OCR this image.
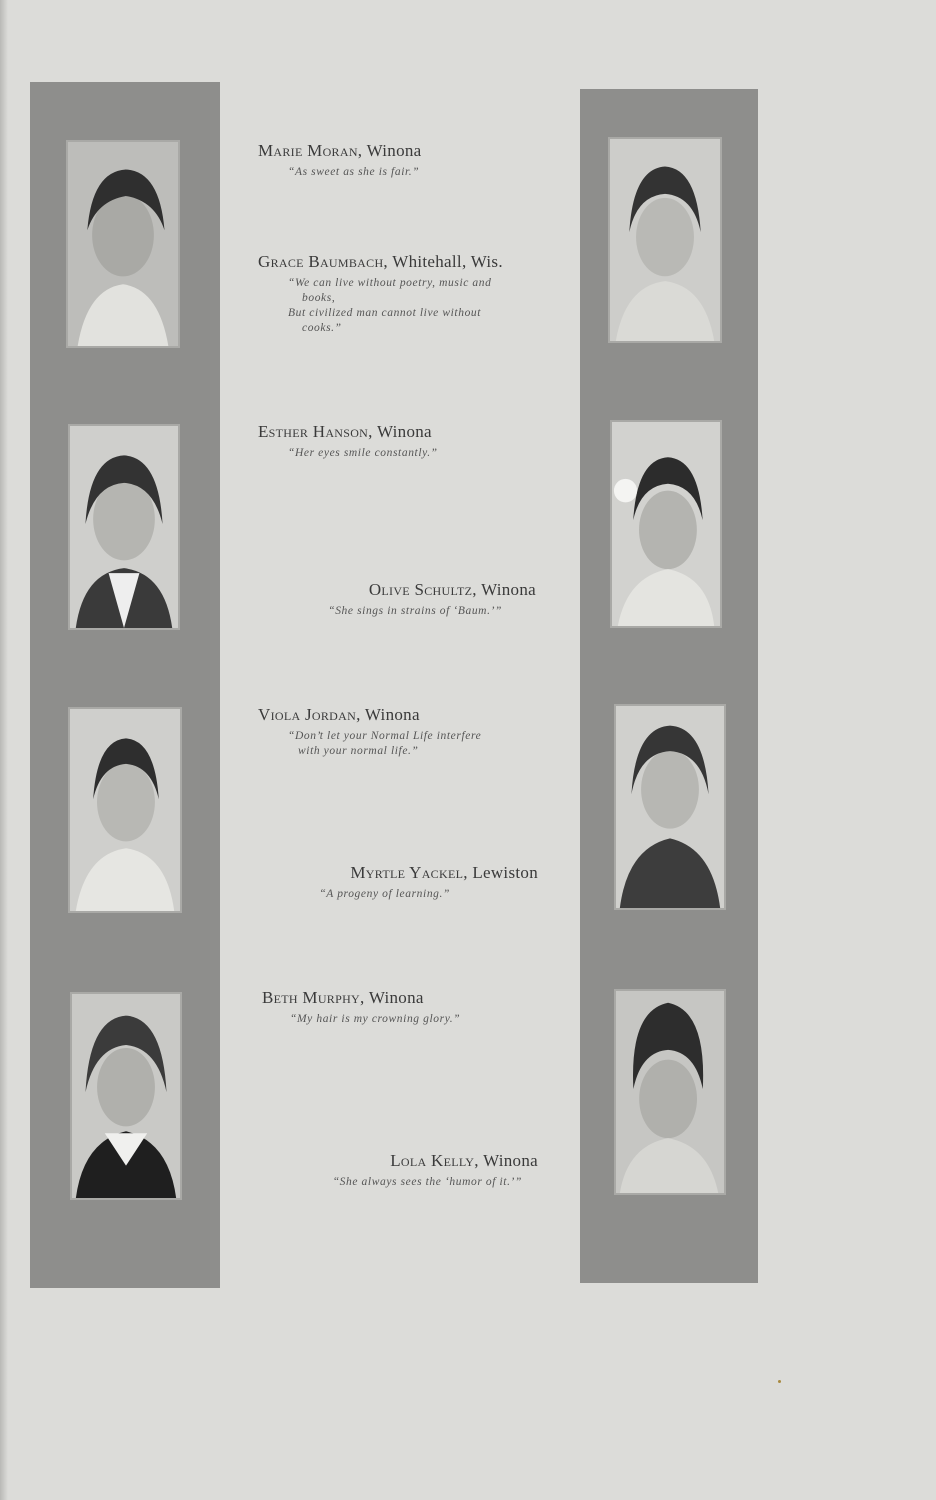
Marie Moran, Winona
“As sweet as she is fair.”
Grace Baumbach, Whitehall, Wis.
“We can live without poetry, music and
books,
But civilized man cannot live without
cooks.”
Esther Hanson, Winona
“Her eyes smile constantly.”
Olive Schultz, Winona
“She sings in strains of ‘Baum.’”
Viola Jordan, Winona
“Don’t let your Normal Life interfere
with your normal life.”
Myrtle Yackel, Lewiston
“A progeny of learning.”
Beth Murphy, Winona
“My hair is my crowning glory.”
Lola Kelly, Winona
“She always sees the ‘humor of it.’”
